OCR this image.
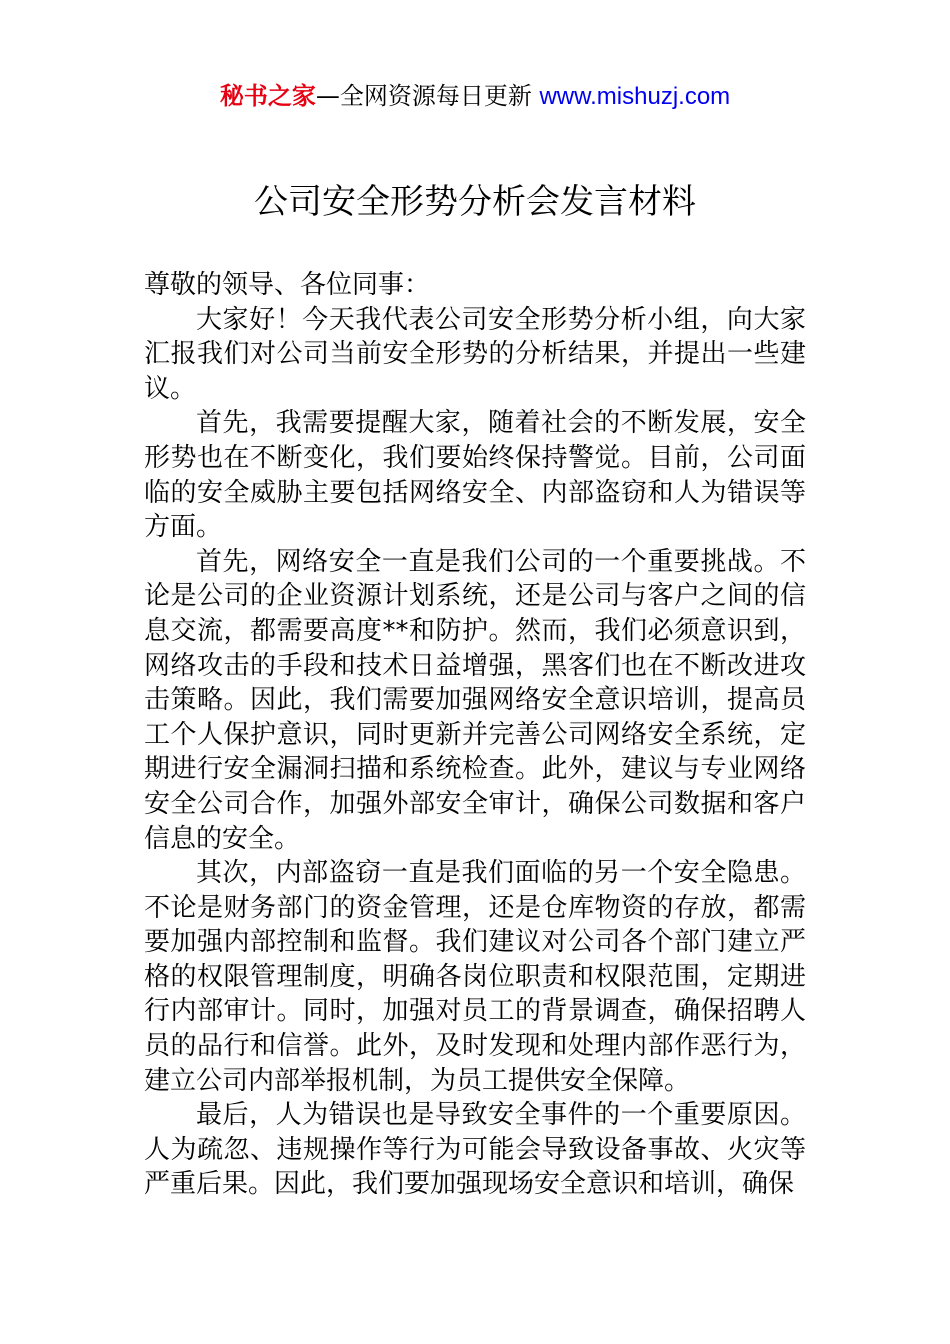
秘书之家—全网资源每日更新 www.mishuzj.com
公司安全形势分析会发言材料

尊敬的领导、各位同事：

大家好！今天我代表公司安全形势分析小组，向大家汇报我们对公司当前安全形势的分析结果，并提出一些建议。

首先，我需要提醒大家，随着社会的不断发展，安全形势也在不断变化，我们要始终保持警觉。目前，公司面临的安全威胁主要包括网络安全、内部盗窃和人为错误等方面。

首先，网络安全一直是我们公司的一个重要挑战。不论是公司的企业资源计划系统，还是公司与客户之间的信息交流，都需要高度**和防护。然而，我们必须意识到，网络攻击的手段和技术日益增强，黑客们也在不断改进攻击策略。因此，我们需要加强网络安全意识培训，提高员工个人保护意识，同时更新并完善公司网络安全系统，定期进行安全漏洞扫描和系统检查。此外，建议与专业网络安全公司合作，加强外部安全审计，确保公司数据和客户信息的安全。

其次，内部盗窃一直是我们面临的另一个安全隐患。不论是财务部门的资金管理，还是仓库物资的存放，都需要加强内部控制和监督。我们建议对公司各个部门建立严格的权限管理制度，明确各岗位职责和权限范围，定期进行内部审计。同时，加强对员工的背景调查，确保招聘人员的品行和信誉。此外，及时发现和处理内部作恶行为，建立公司内部举报机制，为员工提供安全保障。

最后，人为错误也是导致安全事件的一个重要原因。人为疏忽、违规操作等行为可能会导致设备事故、火灾等严重后果。因此，我们要加强现场安全意识和培训，确保
